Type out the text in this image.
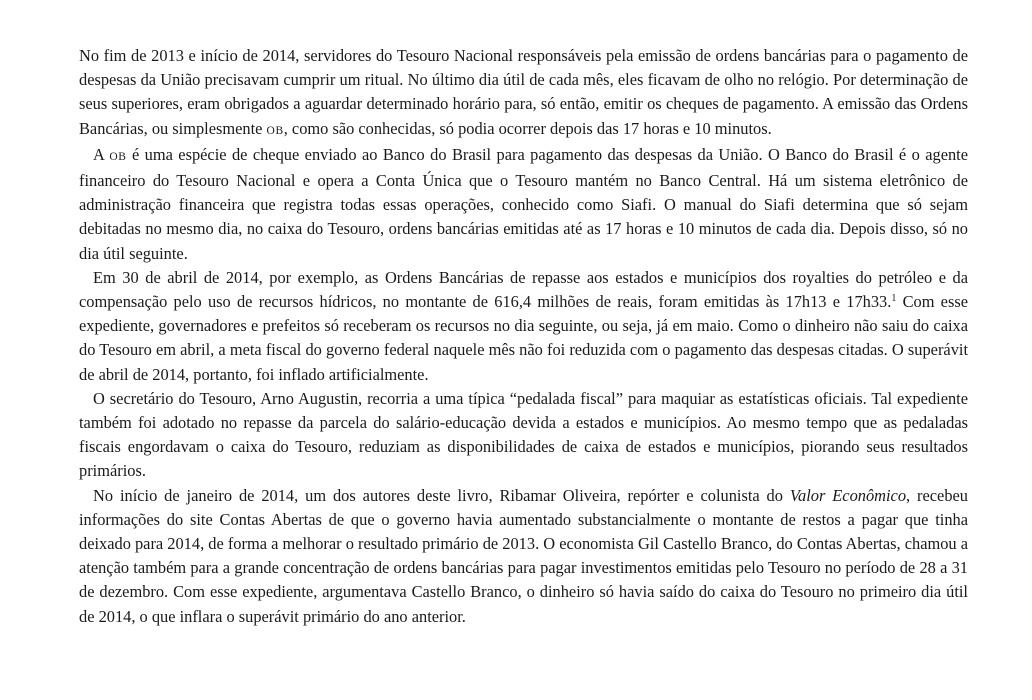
No fim de 2013 e início de 2014, servidores do Tesouro Nacional responsáveis pela emissão de ordens bancárias para o pagamento de despesas da União precisavam cumprir um ritual. No último dia útil de cada mês, eles ficavam de olho no relógio. Por determinação de seus superiores, eram obrigados a aguardar determinado horário para, só então, emitir os cheques de pagamento. A emissão das Ordens Bancárias, ou simplesmente OB, como são conhecidas, só podia ocorrer depois das 17 horas e 10 minutos.

A OB é uma espécie de cheque enviado ao Banco do Brasil para pagamento das despesas da União. O Banco do Brasil é o agente financeiro do Tesouro Nacional e opera a Conta Única que o Tesouro mantém no Banco Central. Há um sistema eletrônico de administração financeira que registra todas essas operações, conhecido como Siafi. O manual do Siafi determina que só sejam debitadas no mesmo dia, no caixa do Tesouro, ordens bancárias emitidas até as 17 horas e 10 minutos de cada dia. Depois disso, só no dia útil seguinte.

Em 30 de abril de 2014, por exemplo, as Ordens Bancárias de repasse aos estados e municípios dos royalties do petróleo e da compensação pelo uso de recursos hídricos, no montante de 616,4 milhões de reais, foram emitidas às 17h13 e 17h33.$^1$ Com esse expediente, governadores e prefeitos só receberam os recursos no dia seguinte, ou seja, já em maio. Como o dinheiro não saiu do caixa do Tesouro em abril, a meta fiscal do governo federal naquele mês não foi reduzida com o pagamento das despesas citadas. O superávit de abril de 2014, portanto, foi inflado artificialmente.

O secretário do Tesouro, Arno Augustin, recorria a uma típica “pedalada fiscal” para maquiar as estatísticas oficiais. Tal expediente também foi adotado no repasse da parcela do salário-educação devida a estados e municípios. Ao mesmo tempo que as pedaladas fiscais engordavam o caixa do Tesouro, reduziam as disponibilidades de caixa de estados e municípios, piorando seus resultados primários.

No início de janeiro de 2014, um dos autores deste livro, Ribamar Oliveira, repórter e colunista do Valor Econômico, recebeu informações do site Contas Abertas de que o governo havia aumentado substancialmente o montante de restos a pagar que tinha deixado para 2014, de forma a melhorar o resultado primário de 2013. O economista Gil Castello Branco, do Contas Abertas, chamou a atenção também para a grande concentração de ordens bancárias para pagar investimentos emitidas pelo Tesouro no período de 28 a 31 de dezembro. Com esse expediente, argumentava Castello Branco, o dinheiro só havia saído do caixa do Tesouro no primeiro dia útil de 2014, o que inflara o superávit primário do ano anterior.
